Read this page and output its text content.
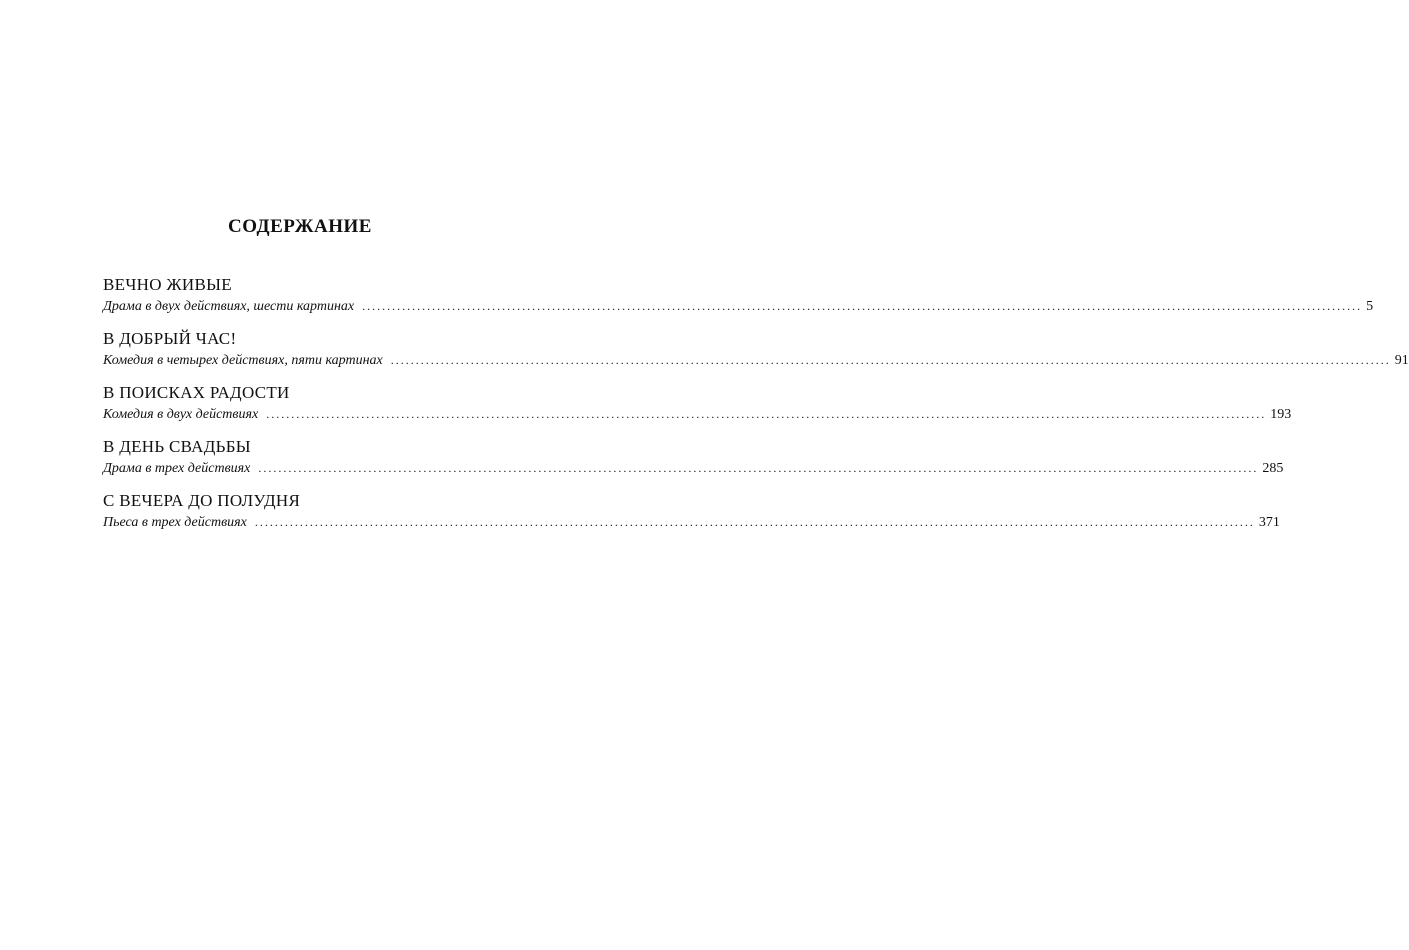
СОДЕРЖАНИЕ
ВЕЧНО ЖИВЫЕ
Драма в двух действиях, шести картинах ........................................................................................................................................................................................................ 5
В ДОБРЫЙ ЧАС!
Комедия в четырех действиях, пяти картинах ........................................................................................................................................................................................................ 91
В ПОИСКАХ РАДОСТИ
Комедия в двух действиях ........................................................................................................................................................................................................ 193
В ДЕНЬ СВАДЬБЫ
Драма в трех действиях ........................................................................................................................................................................................................ 285
С ВЕЧЕРА ДО ПОЛУДНЯ
Пьеса в трех действиях ........................................................................................................................................................................................................ 371
